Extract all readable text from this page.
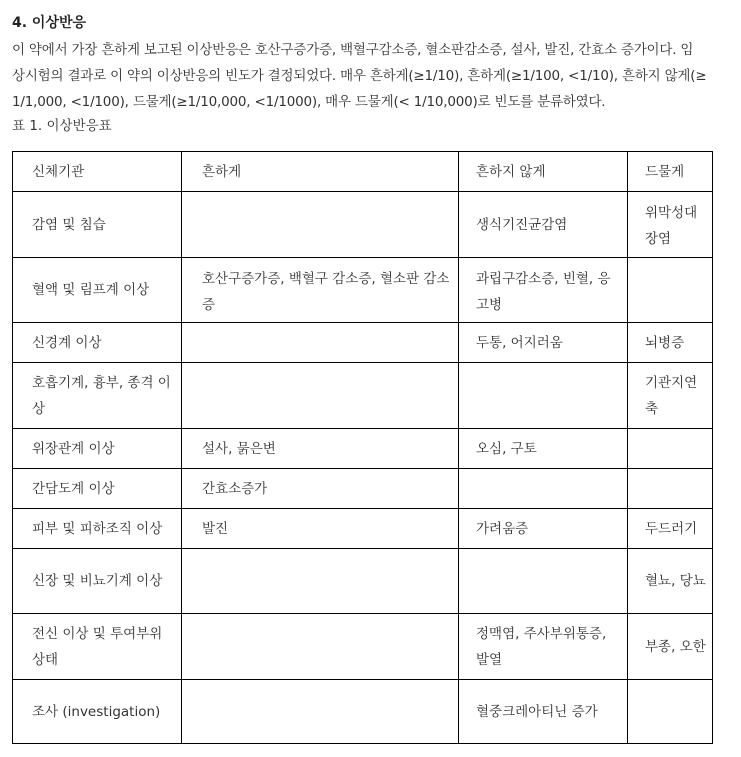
4. 이상반응

이 약에서 가장 흔하게 보고된 이상반응은 호산구증가증, 백혈구감소증, 혈소판감소증, 설사, 발진, 간효소 증가이다. 임

상시험의 결과로 이 약의 이상반응의 빈도가 결정되었다. 매우 흔하게(≥1/10), 흔하게(≥1/100, <1/10), 흔하지 않게(≥

1/1,000, <1/100), 드물게(≥1/10,000, <1/1000), 매우 드물게(< 1/10,000)로 빈도를 분류하였다.

표 1. 이상반응표
신체기관	흔하게	흔하지 않게	드물게
감염 및 침습		생식기진균감염	위막성대장염
혈액 및 림프계 이상	호산구증가증, 백혈구 감소증, 혈소판 감소증	과립구감소증, 빈혈, 응고병	
신경계 이상		두통, 어지러움	뇌병증
호흡기계, 흉부, 종격 이상			기관지연축
위장관계 이상	설사, 묽은변	오심, 구토	
간담도계 이상	간효소증가		
피부 및 피하조직 이상	발진	가려움증	두드러기
신장 및 비뇨기계 이상			혈뇨, 당뇨
전신 이상 및 투여부위 상태		정맥염, 주사부위통증, 발열	부종, 오한
조사 (investigation)		혈중크레아티닌 증가	
